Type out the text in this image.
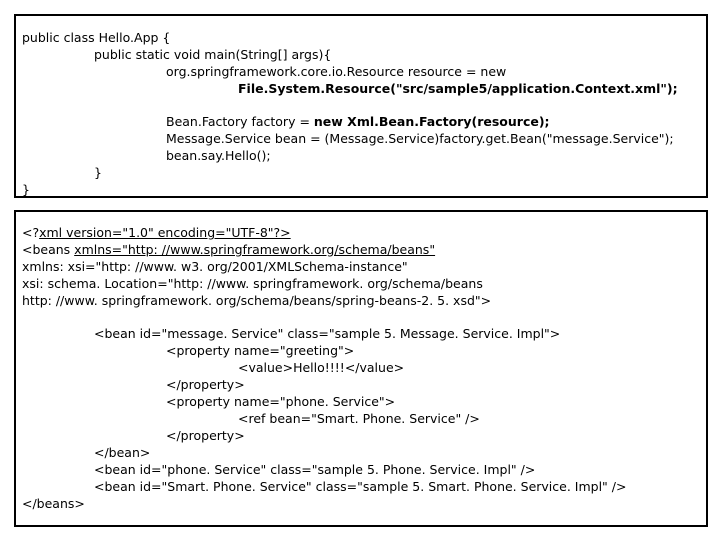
public class Hello.App {

public static void main(String[] args){

org.springframework.core.io.Resource resource = new

File.System.Resource("src/sample5/application.Context.xml");

Bean.Factory factory = new Xml.Bean.Factory(resource);

Message.Service bean = (Message.Service)factory.get.Bean("message.Service");

bean.say.Hello();

}

}

<?xml version="1.0" encoding="UTF-8"?>

<beans xmlns="http: //www.springframework.org/schema/beans"

xmlns: xsi="http: //www. w3. org/2001/XMLSchema-instance"

xsi: schema. Location="http: //www. springframework. org/schema/beans

http: //www. springframework. org/schema/beans/spring-beans-2. 5. xsd">

<bean id="message. Service" class="sample 5. Message. Service. Impl">

<property name="greeting">

<value>Hello!!!!</value>

</property>

<property name="phone. Service">

<ref bean="Smart. Phone. Service" />

</property>

</bean>

<bean id="phone. Service" class="sample 5. Phone. Service. Impl" />

<bean id="Smart. Phone. Service" class="sample 5. Smart. Phone. Service. Impl" />

</beans>
